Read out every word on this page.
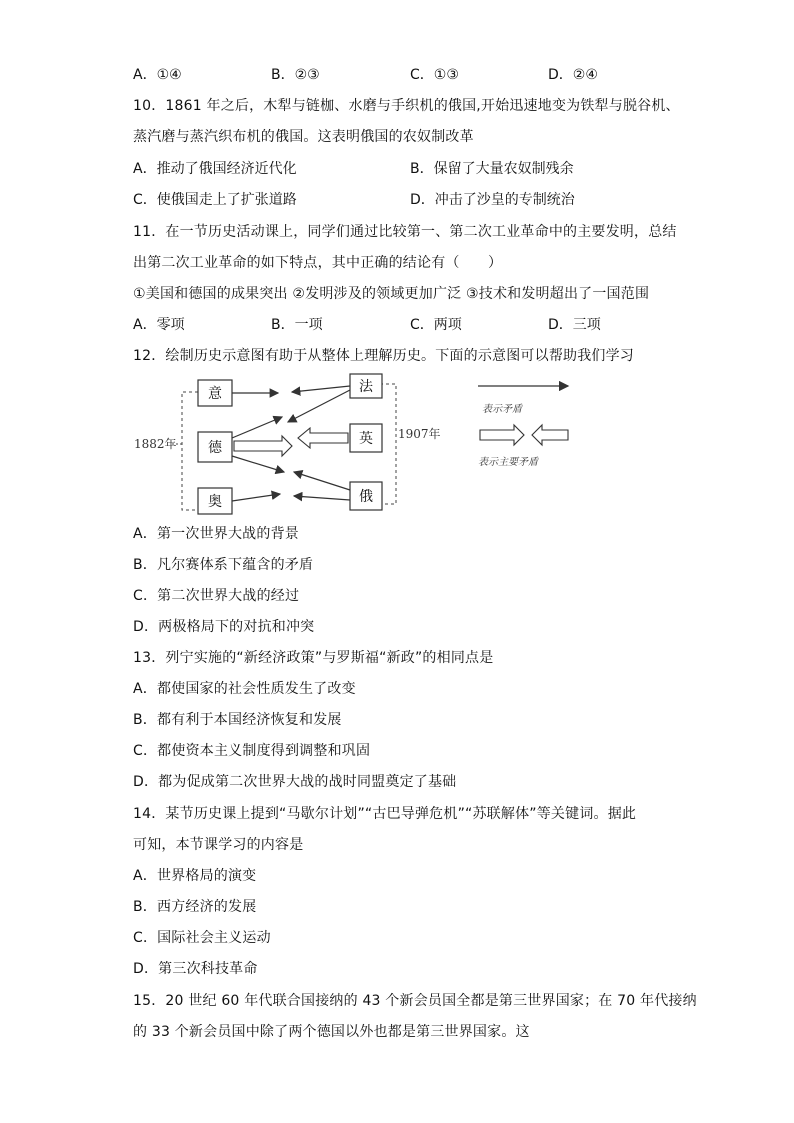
A．①④	B．②③	C．①③	D．②④
10．1861 年之后，木犁与链枷、水磨与手织机的俄国,开始迅速地变为铁犁与脱谷机、
蒸汽磨与蒸汽织布机的俄国。这表明俄国的农奴制改革
A．推动了俄国经济近代化	B．保留了大量农奴制残余
C．使俄国走上了扩张道路	D．冲击了沙皇的专制统治
11．在一节历史活动课上，同学们通过比较第一、第二次工业革命中的主要发明，总结
出第二次工业革命的如下特点，其中正确的结论有（　　）
①美国和德国的成果突出 ②发明涉及的领域更加广泛 ③技术和发明超出了一国范围
A．零项	B．一项	C．两项	D．三项
12．绘制历史示意图有助于从整体上理解历史。下面的示意图可以帮助我们学习
1882年
1907年
意
德
奥
法
英
俄
表示矛盾
表示主要矛盾
A．第一次世界大战的背景
B．凡尔赛体系下蕴含的矛盾
C．第二次世界大战的经过
D．两极格局下的对抗和冲突
13．列宁实施的“新经济政策”与罗斯福“新政”的相同点是
A．都使国家的社会性质发生了改变
B．都有利于本国经济恢复和发展
C．都使资本主义制度得到调整和巩固
D．都为促成第二次世界大战的战时同盟奠定了基础
14．某节历史课上提到“马歇尔计划”“古巴导弹危机”“苏联解体”等关键词。据此
可知，本节课学习的内容是
A．世界格局的演变
B．西方经济的发展
C．国际社会主义运动
D．第三次科技革命
15．20 世纪 60 年代联合国接纳的 43 个新会员国全都是第三世界国家；在 70 年代接纳
的 33 个新会员国中除了两个德国以外也都是第三世界国家。这
